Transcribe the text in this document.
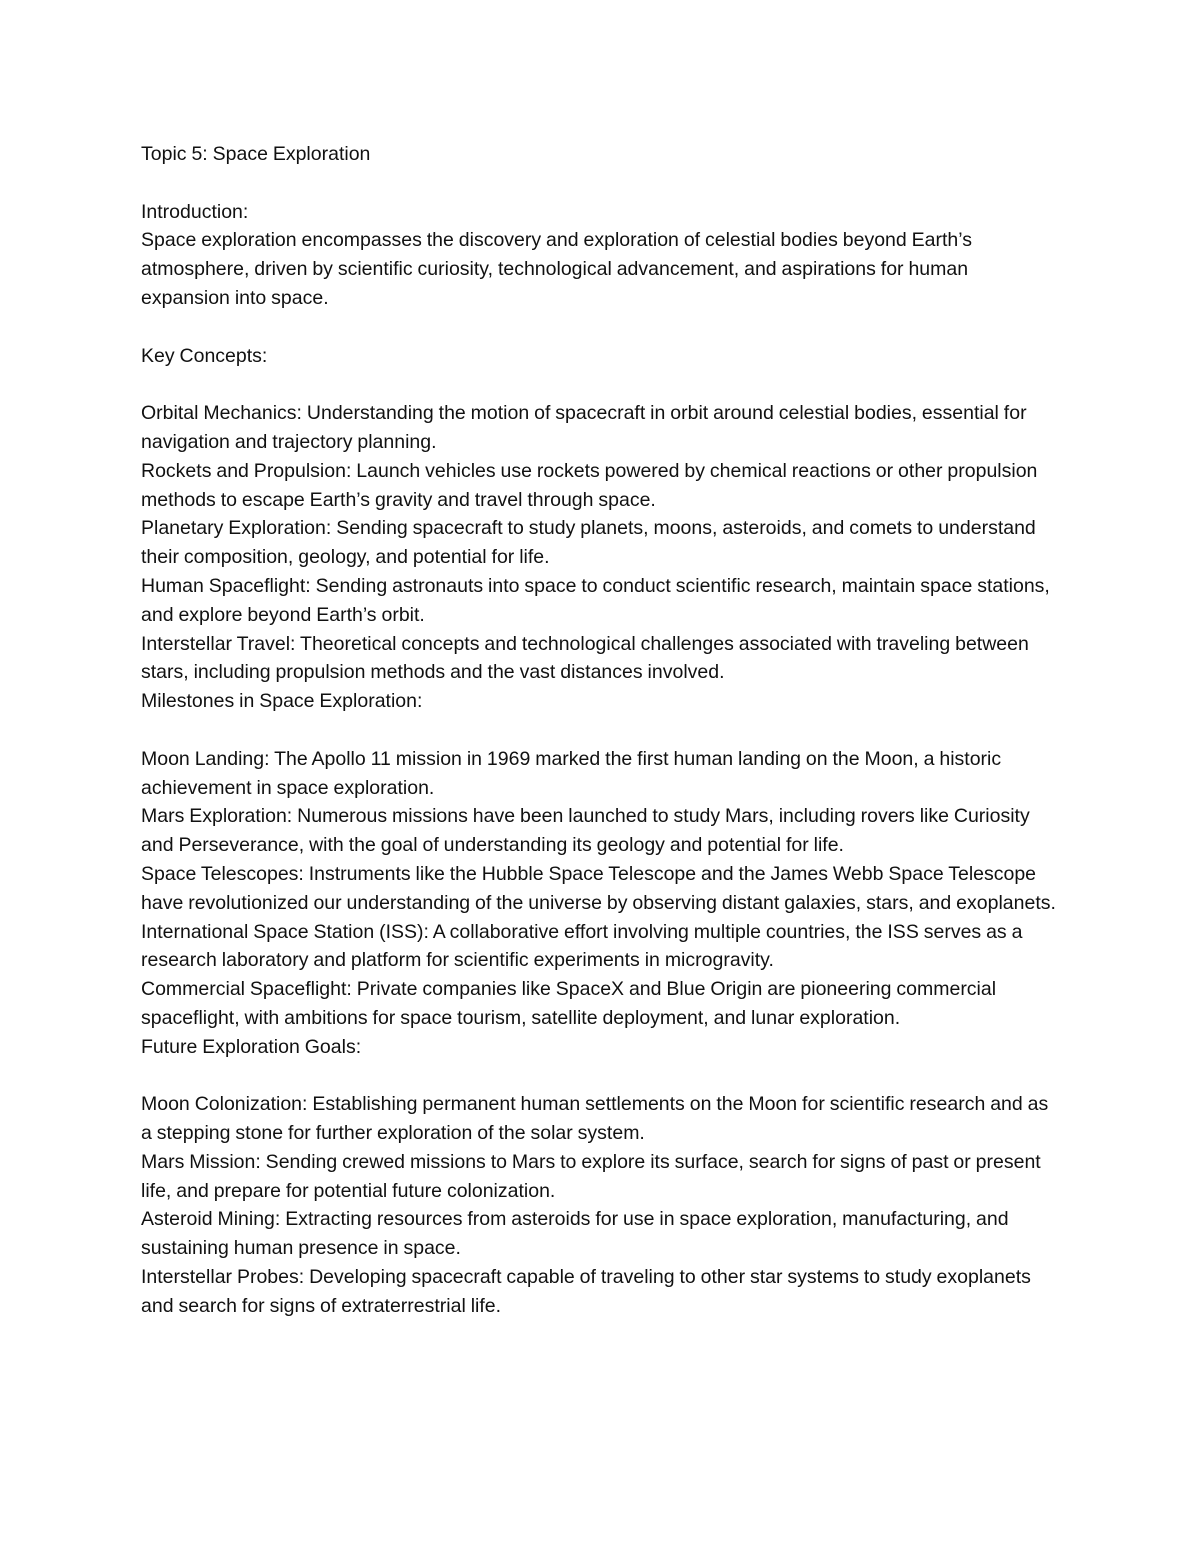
Topic 5: Space Exploration

Introduction:

Space exploration encompasses the discovery and exploration of celestial bodies beyond Earth’s atmosphere, driven by scientific curiosity, technological advancement, and aspirations for human expansion into space.

Key Concepts:

Orbital Mechanics: Understanding the motion of spacecraft in orbit around celestial bodies, essential for navigation and trajectory planning.

Rockets and Propulsion: Launch vehicles use rockets powered by chemical reactions or other propulsion methods to escape Earth’s gravity and travel through space.

Planetary Exploration: Sending spacecraft to study planets, moons, asteroids, and comets to understand their composition, geology, and potential for life.

Human Spaceflight: Sending astronauts into space to conduct scientific research, maintain space stations, and explore beyond Earth’s orbit.

Interstellar Travel: Theoretical concepts and technological challenges associated with traveling between stars, including propulsion methods and the vast distances involved.

Milestones in Space Exploration:

Moon Landing: The Apollo 11 mission in 1969 marked the first human landing on the Moon, a historic achievement in space exploration.

Mars Exploration: Numerous missions have been launched to study Mars, including rovers like Curiosity and Perseverance, with the goal of understanding its geology and potential for life.

Space Telescopes: Instruments like the Hubble Space Telescope and the James Webb Space Telescope have revolutionized our understanding of the universe by observing distant galaxies, stars, and exoplanets.

International Space Station (ISS): A collaborative effort involving multiple countries, the ISS serves as a research laboratory and platform for scientific experiments in microgravity.

Commercial Spaceflight: Private companies like SpaceX and Blue Origin are pioneering commercial spaceflight, with ambitions for space tourism, satellite deployment, and lunar exploration.

Future Exploration Goals:

Moon Colonization: Establishing permanent human settlements on the Moon for scientific research and as a stepping stone for further exploration of the solar system.

Mars Mission: Sending crewed missions to Mars to explore its surface, search for signs of past or present life, and prepare for potential future colonization.

Asteroid Mining: Extracting resources from asteroids for use in space exploration, manufacturing, and sustaining human presence in space.

Interstellar Probes: Developing spacecraft capable of traveling to other star systems to study exoplanets and search for signs of extraterrestrial life.
